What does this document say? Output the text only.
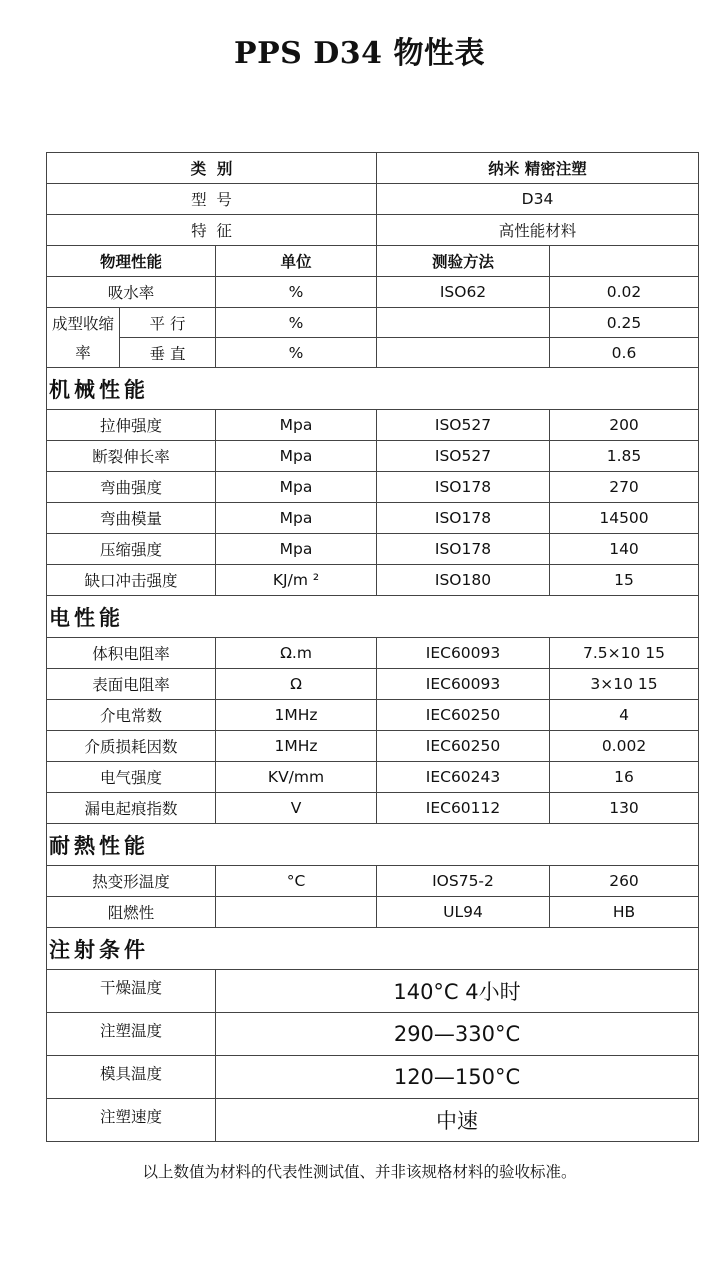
PPS D34 物性表
类  别			纳米 精密注塑	
型  号			D34	
特  征			高性能材料	
物理性能		单位	测验方法	
吸水率		%	ISO62	0.02
成型收缩	平 行	%		0.25
率	垂 直	%		0.6
机械性能				
拉伸强度		Mpa	ISO527	200
断裂伸长率		Mpa	ISO527	1.85
弯曲强度		Mpa	ISO178	270
弯曲模量		Mpa	ISO178	14500
压缩强度		Mpa	ISO178	140
缺口冲击强度		KJ/m ²	ISO180	15
电性能				
体积电阻率		Ω.m	IEC60093	7.5×10 15
表面电阻率		Ω	IEC60093	3×10 15
介电常数		1MHz	IEC60250	4
介质损耗因数		1MHz	IEC60250	0.002
电气强度		KV/mm	IEC60243	16
漏电起痕指数		V	IEC60112	130
耐熱性能				
热变形温度		°C	IOS75-2	260
阻燃性			UL94	HB
注射条件				
干燥温度		140°C 4小时		
注塑温度		290—330°C		
模具温度		120—150°C		
注塑速度		中速		
以上数值为材料的代表性测试值、并非该规格材料的验收标准。
